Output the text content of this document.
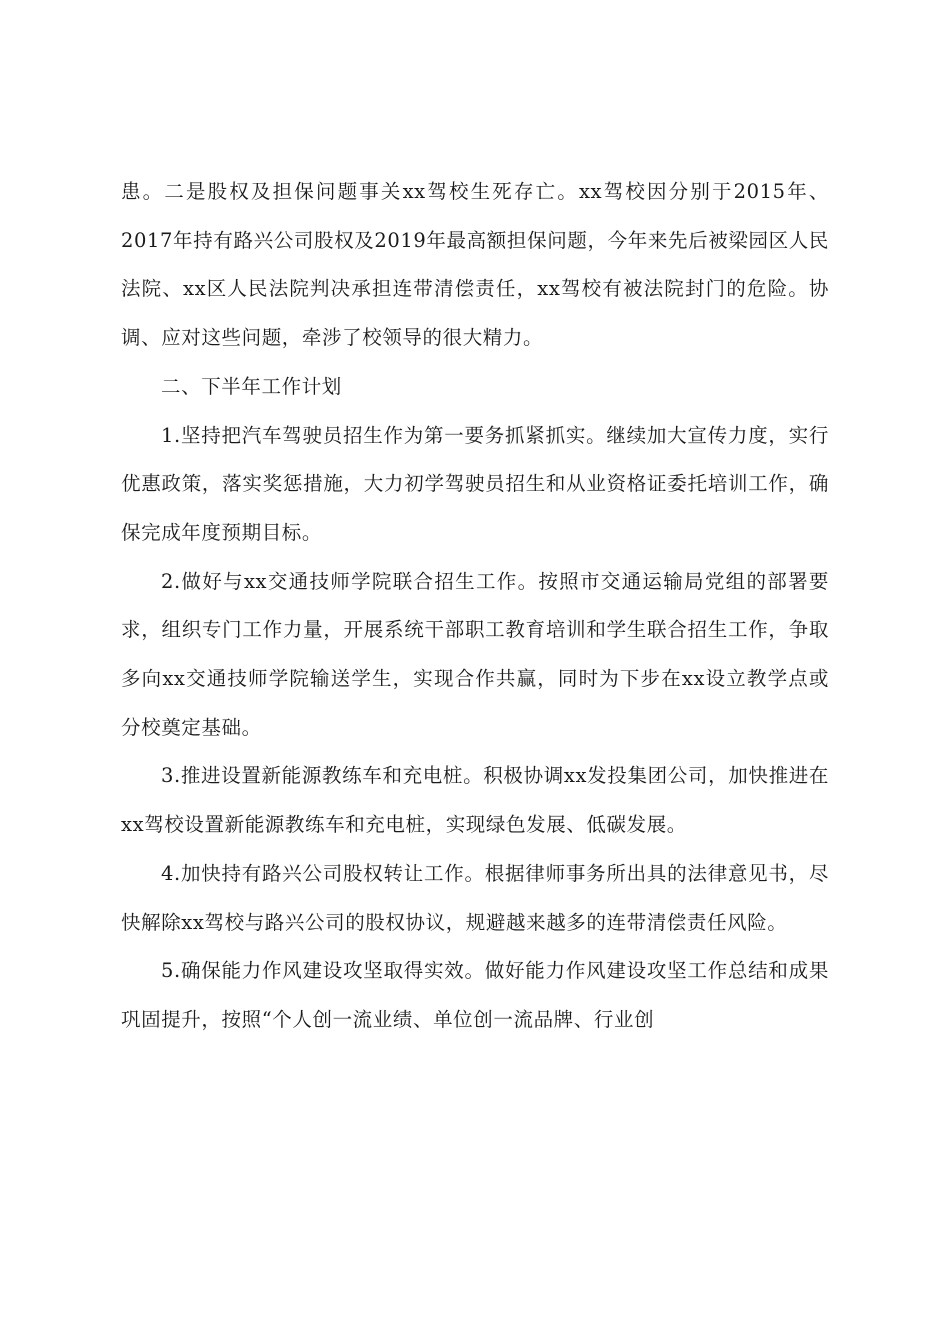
患。二是股权及担保问题事关xx驾校生死存亡。xx驾校因分别于2015年、2017年持有路兴公司股权及2019年最高额担保问题，今年来先后被梁园区人民法院、xx区人民法院判决承担连带清偿责任，xx驾校有被法院封门的危险。协调、应对这些问题，牵涉了校领导的很大精力。

二、下半年工作计划

1.坚持把汽车驾驶员招生作为第一要务抓紧抓实。继续加大宣传力度，实行优惠政策，落实奖惩措施，大力初学驾驶员招生和从业资格证委托培训工作，确保完成年度预期目标。

2.做好与xx交通技师学院联合招生工作。按照市交通运输局党组的部署要求，组织专门工作力量，开展系统干部职工教育培训和学生联合招生工作，争取多向xx交通技师学院输送学生，实现合作共赢，同时为下步在xx设立教学点或分校奠定基础。

3.推进设置新能源教练车和充电桩。积极协调xx发投集团公司，加快推进在xx驾校设置新能源教练车和充电桩，实现绿色发展、低碳发展。

4.加快持有路兴公司股权转让工作。根据律师事务所出具的法律意见书，尽快解除xx驾校与路兴公司的股权协议，规避越来越多的连带清偿责任风险。

5.确保能力作风建设攻坚取得实效。做好能力作风建设攻坚工作总结和成果巩固提升，按照“个人创一流业绩、单位创一流品牌、行业创
